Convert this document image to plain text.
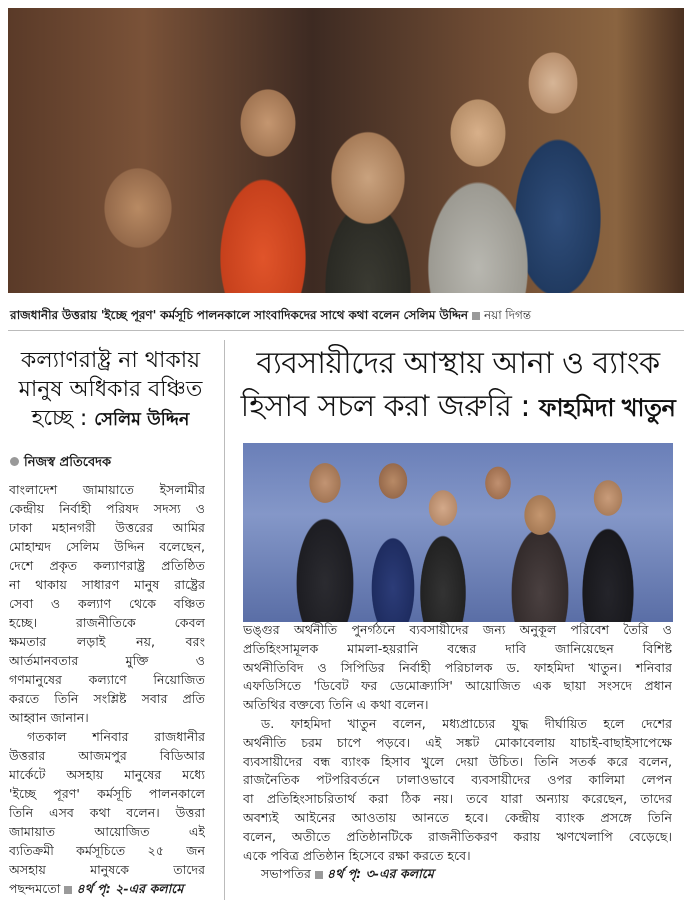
রাজধানীর উত্তরায় 'ইচ্ছে পূরণ' কর্মসূচি পালনকালে সাংবাদিকদের সাথে কথা বলেন সেলিম উদ্দিন নয়া দিগন্ত
কল্যাণরাষ্ট্র না থাকায়
মানুষ অধিকার বঞ্চিত
হচ্ছে : সেলিম উদ্দিন
নিজস্ব প্রতিবেদক
ব্যবসায়ীদের আস্থায় আনা ও ব্যাংক
হিসাব সচল করা জরুরি : ফাহমিদা খাতুন
বাংলাদেশ জামায়াতে ইসলামীর
কেন্দ্রীয় নির্বাহী পরিষদ সদস্য ও
ঢাকা মহানগরী উত্তরের আমির
মোহাম্মদ সেলিম উদ্দিন বলেছেন,
দেশে প্রকৃত কল্যাণরাষ্ট্র প্রতিষ্ঠিত
না থাকায় সাধারণ মানুষ রাষ্ট্রের
সেবা ও কল্যাণ থেকে বঞ্চিত
হচ্ছে। রাজনীতিকে কেবল
ক্ষমতার লড়াই নয়, বরং
আর্তমানবতার মুক্তি ও
গণমানুষের কল্যাণে নিয়োজিত
করতে তিনি সংশ্লিষ্ট সবার প্রতি
আহ্বান জানান।
গতকাল শনিবার রাজধানীর
উত্তরার আজমপুর বিডিআর
মার্কেটে অসহায় মানুষের মধ্যে
'ইচ্ছে পূরণ' কর্মসূচি পালনকালে
তিনি এসব কথা বলেন। উত্তরা
জামায়াত আয়োজিত এই
ব্যতিক্রমী কর্মসূচিতে ২৫ জন
অসহায় মানুষকে তাদের
পছন্দমতো ৪র্থ পৃ: ২-এর কলামে
ভঙ্গুর অর্থনীতি পুনর্গঠনে ব্যবসায়ীদের জন্য অনুকূল পরিবেশ তৈরি ও
প্রতিহিংসামূলক মামলা-হয়রানি বন্ধের দাবি জানিয়েছেন বিশিষ্ট
অর্থনীতিবিদ ও সিপিডির নির্বাহী পরিচালক ড. ফাহমিদা খাতুন। শনিবার
এফডিসিতে 'ডিবেট ফর ডেমোক্র্যাসি' আয়োজিত এক ছায়া সংসদে প্রধান
অতিথির বক্তব্যে তিনি এ কথা বলেন।
ড. ফাহমিদা খাতুন বলেন, মধ্যপ্রাচ্যের যুদ্ধ দীর্ঘায়িত হলে দেশের
অর্থনীতি চরম চাপে পড়বে। এই সঙ্কট মোকাবেলায় যাচাই-বাছাইসাপেক্ষে
ব্যবসায়ীদের বন্ধ ব্যাংক হিসাব খুলে দেয়া উচিত। তিনি সতর্ক করে বলেন,
রাজনৈতিক পটপরিবর্তনে ঢালাওভাবে ব্যবসায়ীদের ওপর কালিমা লেপন
বা প্রতিহিংসাচরিতার্থ করা ঠিক নয়। তবে যারা অন্যায় করেছেন, তাদের
অবশ্যই আইনের আওতায় আনতে হবে। কেন্দ্রীয় ব্যাংক প্রসঙ্গে তিনি
বলেন, অতীতে প্রতিষ্ঠানটিকে রাজনীতিকরণ করায় ঋণখেলাপি বেড়েছে।
একে পবিত্র প্রতিষ্ঠান হিসেবে রক্ষা করতে হবে।
সভাপতির ৪র্থ পৃ: ৩-এর কলামে
